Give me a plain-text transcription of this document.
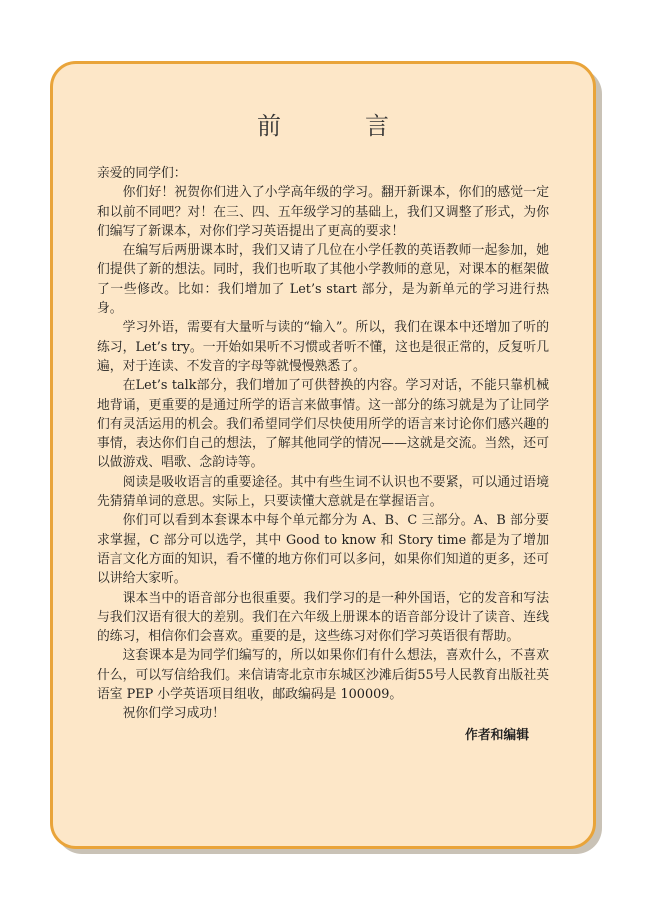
前　言

亲爱的同学们：

你们好！祝贺你们进入了小学高年级的学习。翻开新课本，你们的感觉一定和以前不同吧？对！在三、四、五年级学习的基础上，我们又调整了形式，为你们编写了新课本，对你们学习英语提出了更高的要求！

在编写后两册课本时，我们又请了几位在小学任教的英语教师一起参加，她们提供了新的想法。同时，我们也听取了其他小学教师的意见，对课本的框架做了一些修改。比如：我们增加了 Let’s start 部分，是为新单元的学习进行热身。

学习外语，需要有大量听与读的“输入”。所以，我们在课本中还增加了听的练习，Let’s try。一开始如果听不习惯或者听不懂，这也是很正常的，反复听几遍，对于连读、不发音的字母等就慢慢熟悉了。

在Let’s talk部分，我们增加了可供替换的内容。学习对话，不能只靠机械地背诵，更重要的是通过所学的语言来做事情。这一部分的练习就是为了让同学们有灵活运用的机会。我们希望同学们尽快使用所学的语言来讨论你们感兴趣的事情，表达你们自己的想法，了解其他同学的情况——这就是交流。当然，还可以做游戏、唱歌、念韵诗等。

阅读是吸收语言的重要途径。其中有些生词不认识也不要紧，可以通过语境先猜猜单词的意思。实际上，只要读懂大意就是在掌握语言。

你们可以看到本套课本中每个单元都分为 A、B、C 三部分。A、B 部分要求掌握，C 部分可以选学，其中 Good to know 和 Story time 都是为了增加语言文化方面的知识，看不懂的地方你们可以多问，如果你们知道的更多，还可以讲给大家听。

课本当中的语音部分也很重要。我们学习的是一种外国语，它的发音和写法与我们汉语有很大的差别。我们在六年级上册课本的语音部分设计了读音、连线的练习，相信你们会喜欢。重要的是，这些练习对你们学习英语很有帮助。

这套课本是为同学们编写的，所以如果你们有什么想法，喜欢什么，不喜欢什么，可以写信给我们。来信请寄北京市东城区沙滩后街55号人民教育出版社英语室 PEP 小学英语项目组收，邮政编码是 100009。

祝你们学习成功！

作者和编辑
